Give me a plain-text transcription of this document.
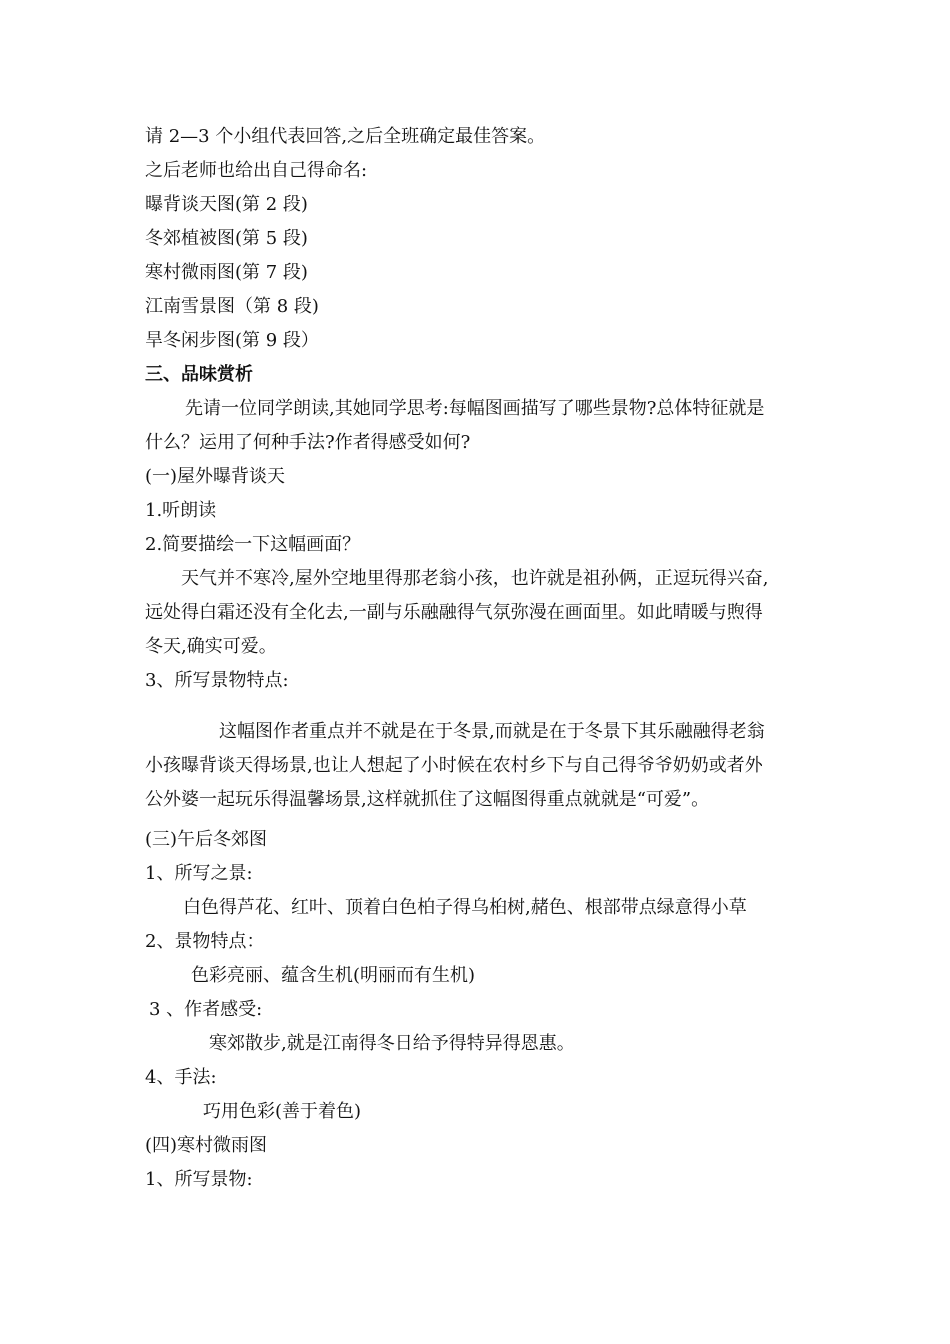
请 2—3 个小组代表回答,之后全班确定最佳答案。
之后老师也给出自己得命名:
曝背谈天图(第 2 段)
冬郊植被图(第 5 段)
寒村微雨图(第 7 段)
江南雪景图（第 8 段)
旱冬闲步图(第 9 段）
三、品味赏析
先请一位同学朗读,其她同学思考:每幅图画描写了哪些景物?总体特征就是
什么？运用了何种手法?作者得感受如何?
(一)屋外曝背谈天
1.听朗读
2.简要描绘一下这幅画面？
天气并不寒冷,屋外空地里得那老翁小孩，也许就是祖孙俩，正逗玩得兴奋,
远处得白霜还没有全化去,一副与乐融融得气氛弥漫在画面里。如此晴暖与煦得
冬天,确实可爱。
3、所写景物特点:
这幅图作者重点并不就是在于冬景,而就是在于冬景下其乐融融得老翁
小孩曝背谈天得场景,也让人想起了小时候在农村乡下与自己得爷爷奶奶或者外
公外婆一起玩乐得温馨场景,这样就抓住了这幅图得重点就就是“可爱”。
(三)午后冬郊图
1、所写之景:
白色得芦花、红叶、顶着白色柏子得乌桕树,赭色、根部带点绿意得小草
2、景物特点：
色彩亮丽、蕴含生机(明丽而有生机)
3 、作者感受:
寒郊散步,就是江南得冬日给予得特异得恩惠。
4、手法:
巧用色彩(善于着色)
(四)寒村微雨图
1、所写景物:
